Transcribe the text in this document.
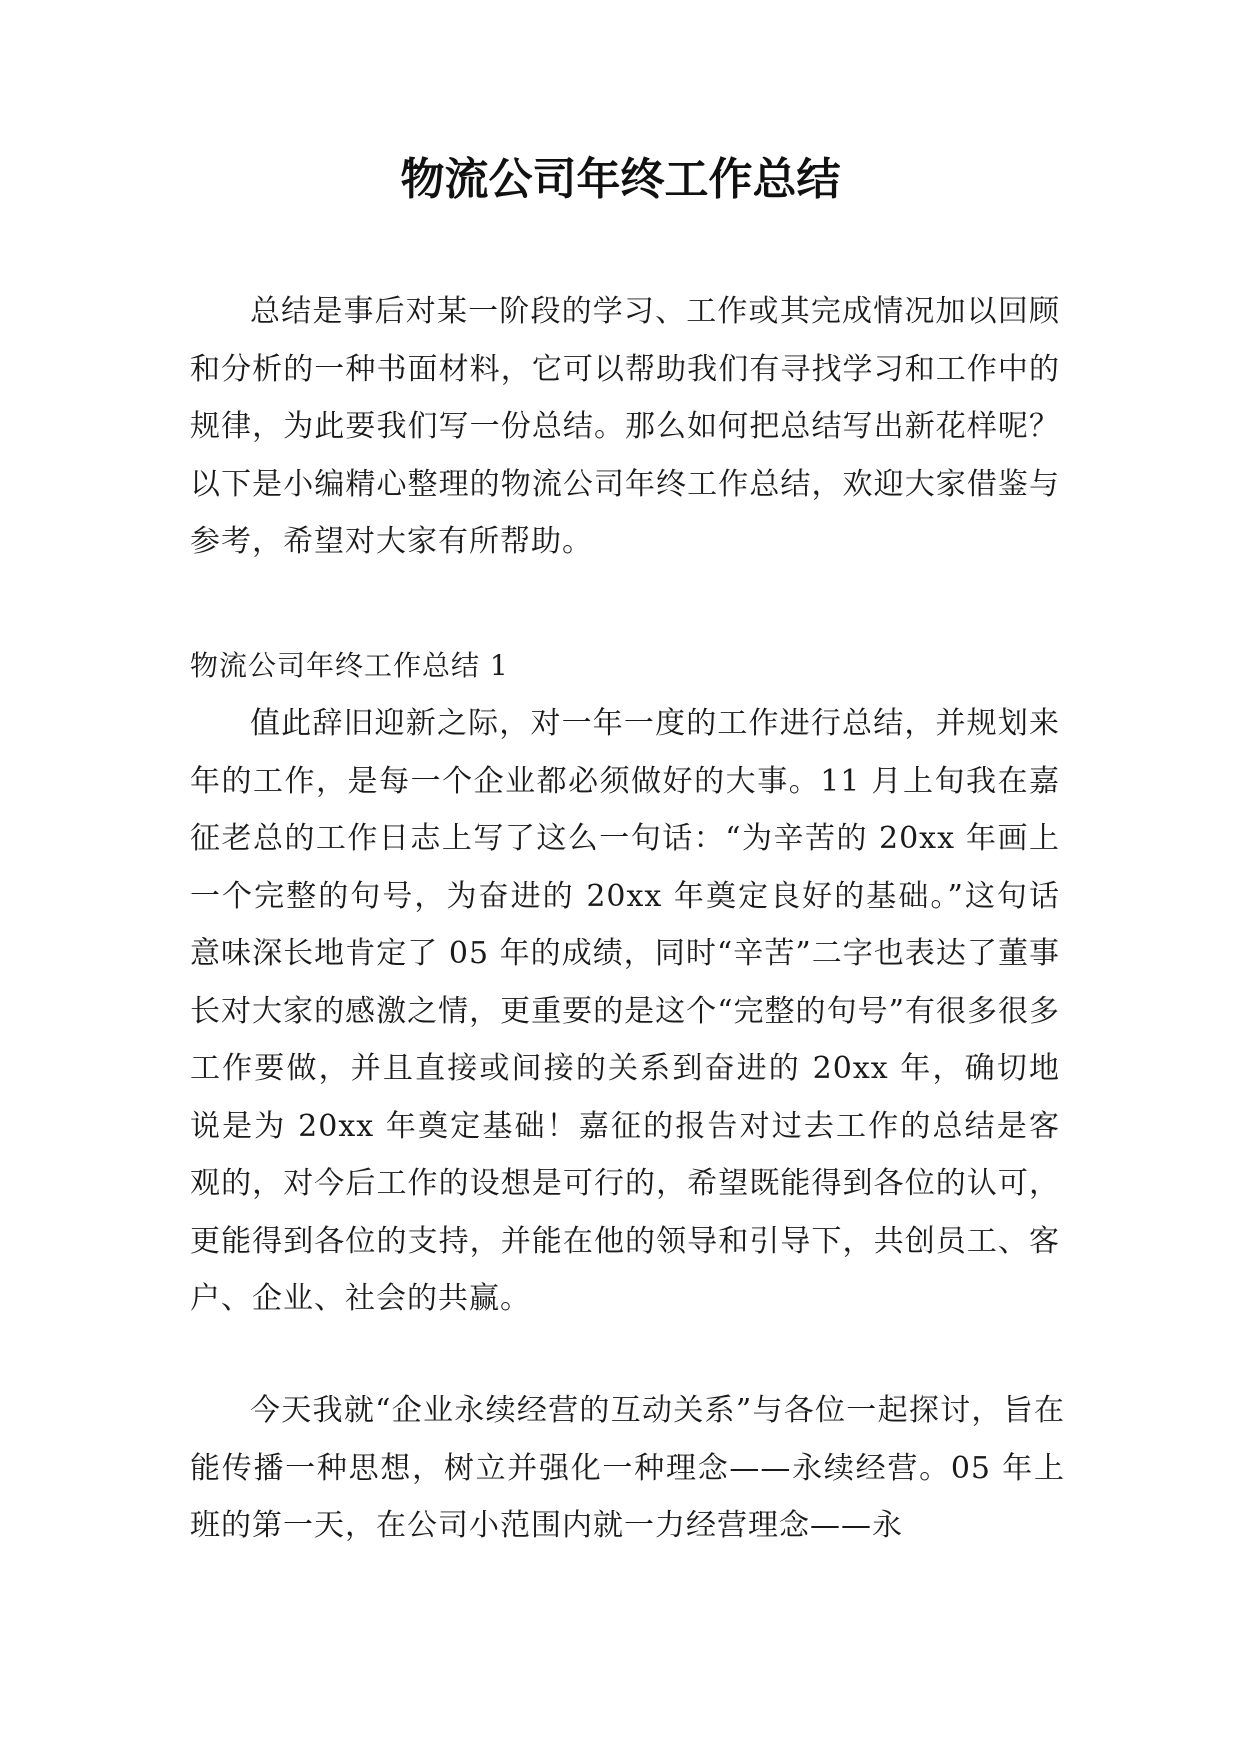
物流公司年终工作总结

总结是事后对某一阶段的学习、工作或其完成情况加以回顾和分析的一种书面材料，它可以帮助我们有寻找学习和工作中的规律，为此要我们写一份总结。那么如何把总结写出新花样呢？以下是小编精心整理的物流公司年终工作总结，欢迎大家借鉴与参考，希望对大家有所帮助。

物流公司年终工作总结 1

值此辞旧迎新之际，对一年一度的工作进行总结，并规划来年的工作，是每一个企业都必须做好的大事。11 月上旬我在嘉征老总的工作日志上写了这么一句话：“为辛苦的 20xx 年画上一个完整的句号，为奋进的 20xx 年奠定良好的基础。”这句话意味深长地肯定了 05 年的成绩，同时“辛苦”二字也表达了董事长对大家的感激之情，更重要的是这个“完整的句号”有很多很多工作要做，并且直接或间接的关系到奋进的 20xx 年，确切地说是为 20xx 年奠定基础！嘉征的报告对过去工作的总结是客观的，对今后工作的设想是可行的，希望既能得到各位的认可，更能得到各位的支持，并能在他的领导和引导下，共创员工、客户、企业、社会的共赢。

今天我就“企业永续经营的互动关系”与各位一起探讨，旨在能传播一种思想，树立并强化一种理念——永续经营。05 年上班的第一天，在公司小范围内就一力经营理念——永
